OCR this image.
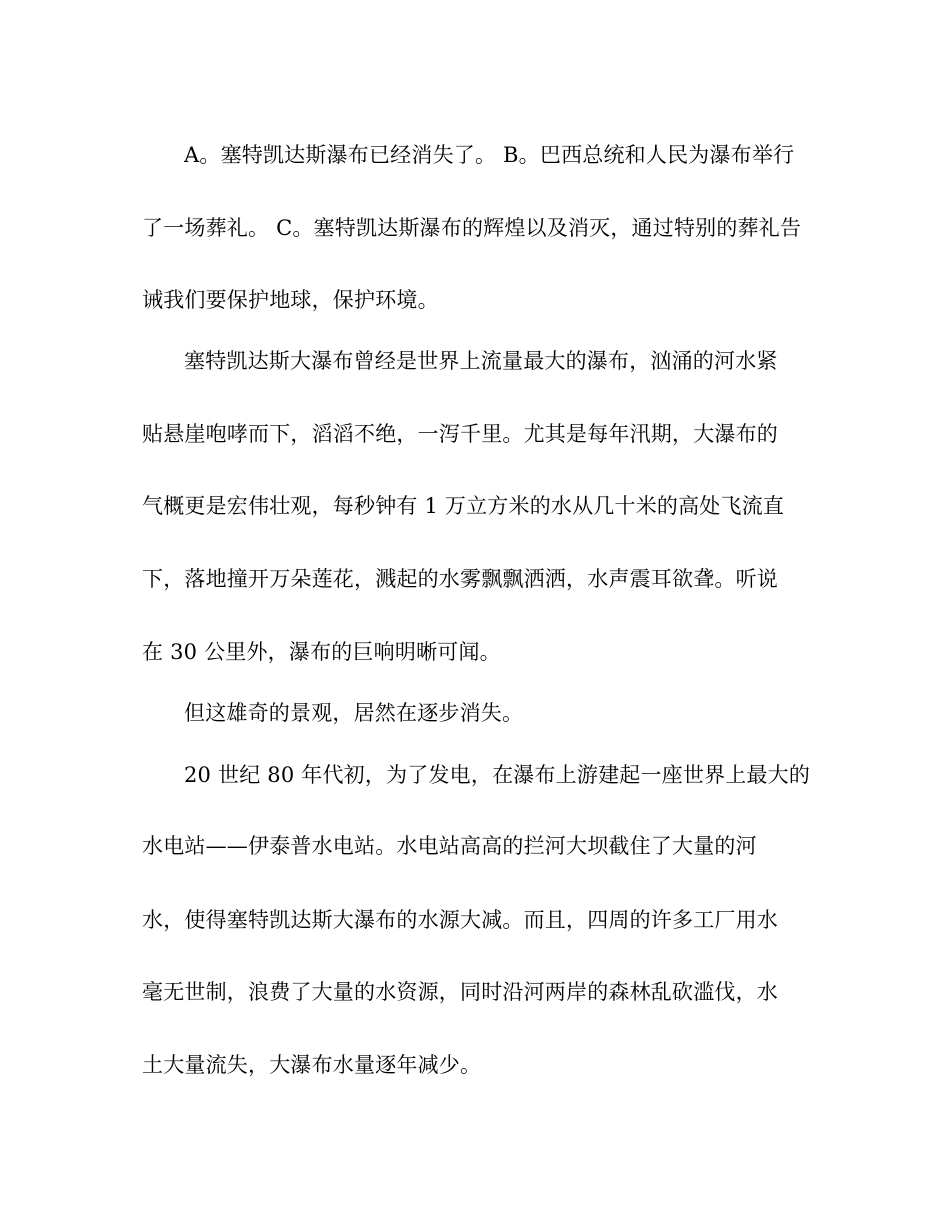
A。塞特凯达斯瀑布已经消失了。 B。巴西总统和人民为瀑布举行
了一场葬礼。 C。塞特凯达斯瀑布的辉煌以及消灭，通过特别的葬礼告
诫我们要保护地球，保护环境。
塞特凯达斯大瀑布曾经是世界上流量最大的瀑布，汹涌的河水紧
贴悬崖咆哮而下，滔滔不绝，一泻千里。尤其是每年汛期，大瀑布的
气概更是宏伟壮观，每秒钟有 1 万立方米的水从几十米的高处飞流直
下，落地撞开万朵莲花，溅起的水雾飘飘洒洒，水声震耳欲聋。听说
在 30 公里外，瀑布的巨响明晰可闻。
但这雄奇的景观，居然在逐步消失。
20 世纪 80 年代初，为了发电，在瀑布上游建起一座世界上最大的
水电站——伊泰普水电站。水电站高高的拦河大坝截住了大量的河
水，使得塞特凯达斯大瀑布的水源大减。而且，四周的许多工厂用水
毫无世制，浪费了大量的水资源，同时沿河两岸的森林乱砍滥伐，水
土大量流失，大瀑布水量逐年减少。
